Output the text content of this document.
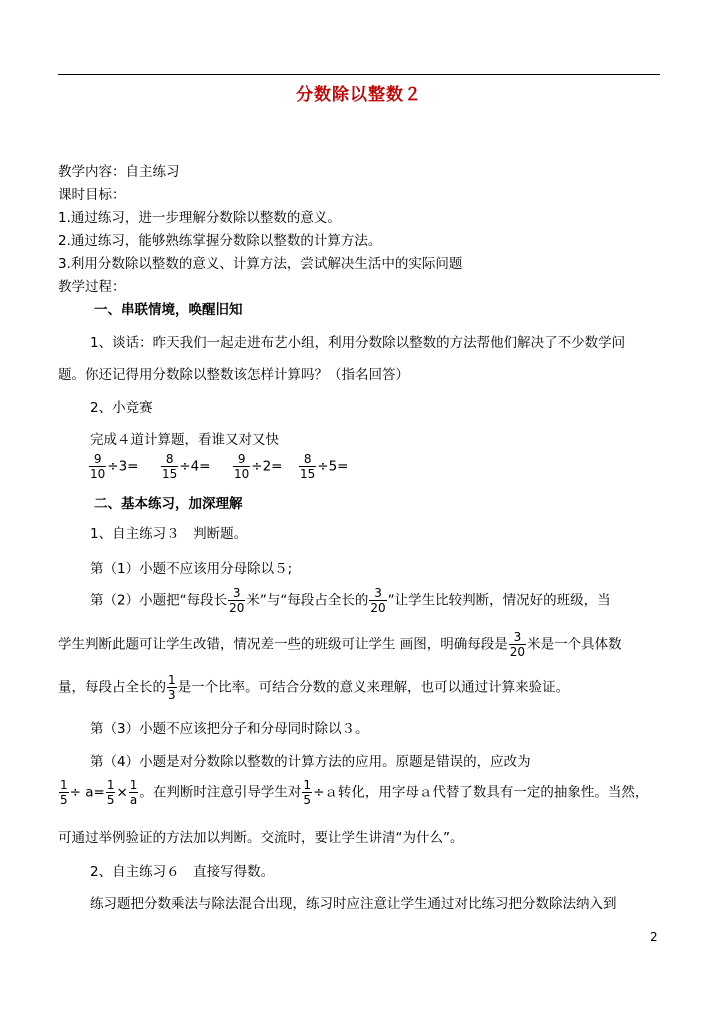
分数除以整数２
教学内容：自主练习
课时目标：
1.通过练习，进一步理解分数除以整数的意义。
2.通过练习，能够熟练掌握分数除以整数的计算方法。
3.利用分数除以整数的意义、计算方法，尝试解决生活中的实际问题
教学过程：
一、串联情境，唤醒旧知
1、谈话：昨天我们一起走进布艺小组，利用分数除以整数的方法帮他们解决了不少数学问
题。你还记得用分数除以整数该怎样计算吗？（指名回答）
2、小竞赛
完成４道计算题，看谁又对又快
$\frac{9}{10} \div 3= \frac{8}{15} \div 4= \frac{9}{10} \div 2= \frac{8}{15} \div 5=$
二、基本练习，加深理解
1、自主练习３　判断题。
第（1）小题不应该用分母除以５;
第（2）小题把“每段长 $\frac{3}{20}$ 米”与“每段占全长的 $\frac{3}{20}$ ”让学生比较判断，情况好的班级，当
学生判断此题可让学生改错，情况差一些的班级可让学生 画图，明确每段是 $\frac{3}{20}$ 米是一个具体数
量，每段占全长的 $\frac{1}{3}$ 是一个比率。可结合分数的意义来理解，也可以通过计算来验证。
第（3）小题不应该把分子和分母同时除以３。
第（4）小题是对分数除以整数的计算方法的应用。原题是错误的，应改为
$\frac{1}{5} \div a= \frac{1}{5} \times \frac{1}{a}$ 。在判断时注意引导学生对 $\frac{1}{5}$ ÷ａ转化，用字母ａ代替了数具有一定的抽象性。当然，
可通过举例验证的方法加以判断。交流时，要让学生讲清“为什么”。
2、自主练习６　直接写得数。
练习题把分数乘法与除法混合出现，练习时应注意让学生通过对比练习把分数除法纳入到
2
